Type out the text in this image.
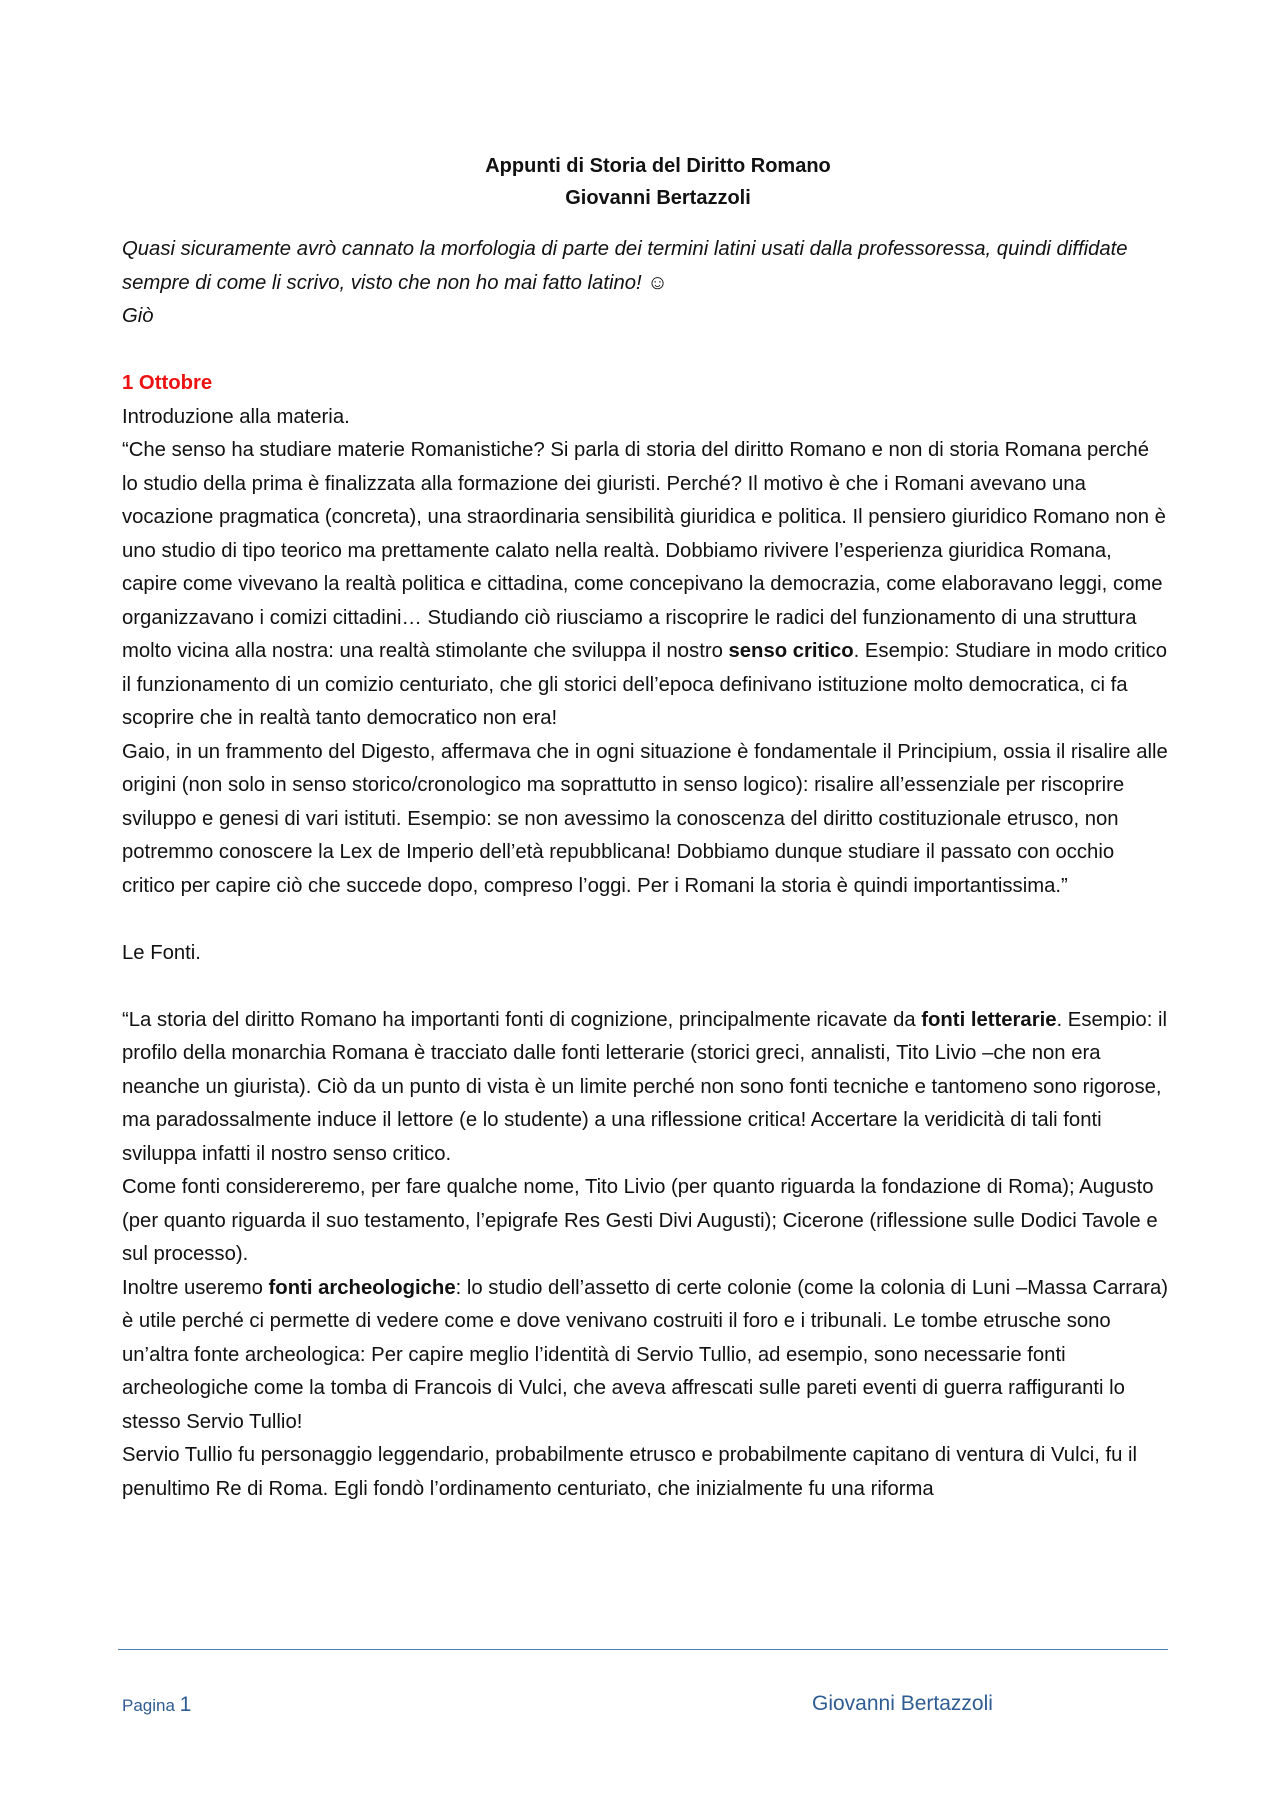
Appunti di Storia del Diritto Romano
Giovanni Bertazzoli

Quasi sicuramente avrò cannato la morfologia di parte dei termini latini usati dalla professoressa, quindi diffidate sempre di come li scrivo, visto che non ho mai fatto latino! ☺

Giò

1 Ottobre

Introduzione alla materia.

“Che senso ha studiare materie Romanistiche? Si parla di storia del diritto Romano e non di storia Romana perché lo studio della prima è finalizzata alla formazione dei giuristi. Perché? Il motivo è che i Romani avevano una vocazione pragmatica (concreta), una straordinaria sensibilità giuridica e politica. Il pensiero giuridico Romano non è uno studio di tipo teorico ma prettamente calato nella realtà. Dobbiamo rivivere l’esperienza giuridica Romana, capire come vivevano la realtà politica e cittadina, come concepivano la democrazia, come elaboravano leggi, come organizzavano i comizi cittadini… Studiando ciò riusciamo a riscoprire le radici del funzionamento di una struttura molto vicina alla nostra: una realtà stimolante che sviluppa il nostro senso critico. Esempio: Studiare in modo critico il funzionamento di un comizio centuriato, che gli storici dell’epoca definivano istituzione molto democratica, ci fa scoprire che in realtà tanto democratico non era!

Gaio, in un frammento del Digesto, affermava che in ogni situazione è fondamentale il Principium, ossia il risalire alle origini (non solo in senso storico/cronologico ma soprattutto in senso logico): risalire all’essenziale per riscoprire sviluppo e genesi di vari istituti. Esempio: se non avessimo la conoscenza del diritto costituzionale etrusco, non potremmo conoscere la Lex de Imperio dell’età repubblicana! Dobbiamo dunque studiare il passato con occhio critico per capire ciò che succede dopo, compreso l’oggi. Per i Romani la storia è quindi importantissima.”

Le Fonti.

“La storia del diritto Romano ha importanti fonti di cognizione, principalmente ricavate da fonti letterarie. Esempio: il profilo della monarchia Romana è tracciato dalle fonti letterarie (storici greci, annalisti, Tito Livio –che non era neanche un giurista). Ciò da un punto di vista è un limite perché non sono fonti tecniche e tantomeno sono rigorose, ma paradossalmente induce il lettore (e lo studente) a una riflessione critica! Accertare la veridicità di tali fonti sviluppa infatti il nostro senso critico.

Come fonti considereremo, per fare qualche nome, Tito Livio (per quanto riguarda la fondazione di Roma); Augusto (per quanto riguarda il suo testamento, l’epigrafe Res Gesti Divi Augusti); Cicerone (riflessione sulle Dodici Tavole e sul processo).

Inoltre useremo fonti archeologiche: lo studio dell’assetto di certe colonie (come la colonia di Luni –Massa Carrara) è utile perché ci permette di vedere come e dove venivano costruiti il foro e i tribunali. Le tombe etrusche sono un’altra fonte archeologica: Per capire meglio l’identità di Servio Tullio, ad esempio, sono necessarie fonti archeologiche come la tomba di Francois di Vulci, che aveva affrescati sulle pareti eventi di guerra raffiguranti lo stesso Servio Tullio!

Servio Tullio fu personaggio leggendario, probabilmente etrusco e probabilmente capitano di ventura di Vulci, fu il penultimo Re di Roma. Egli fondò l’ordinamento centuriato, che inizialmente fu una riforma

Pagina 1	Giovanni Bertazzoli
